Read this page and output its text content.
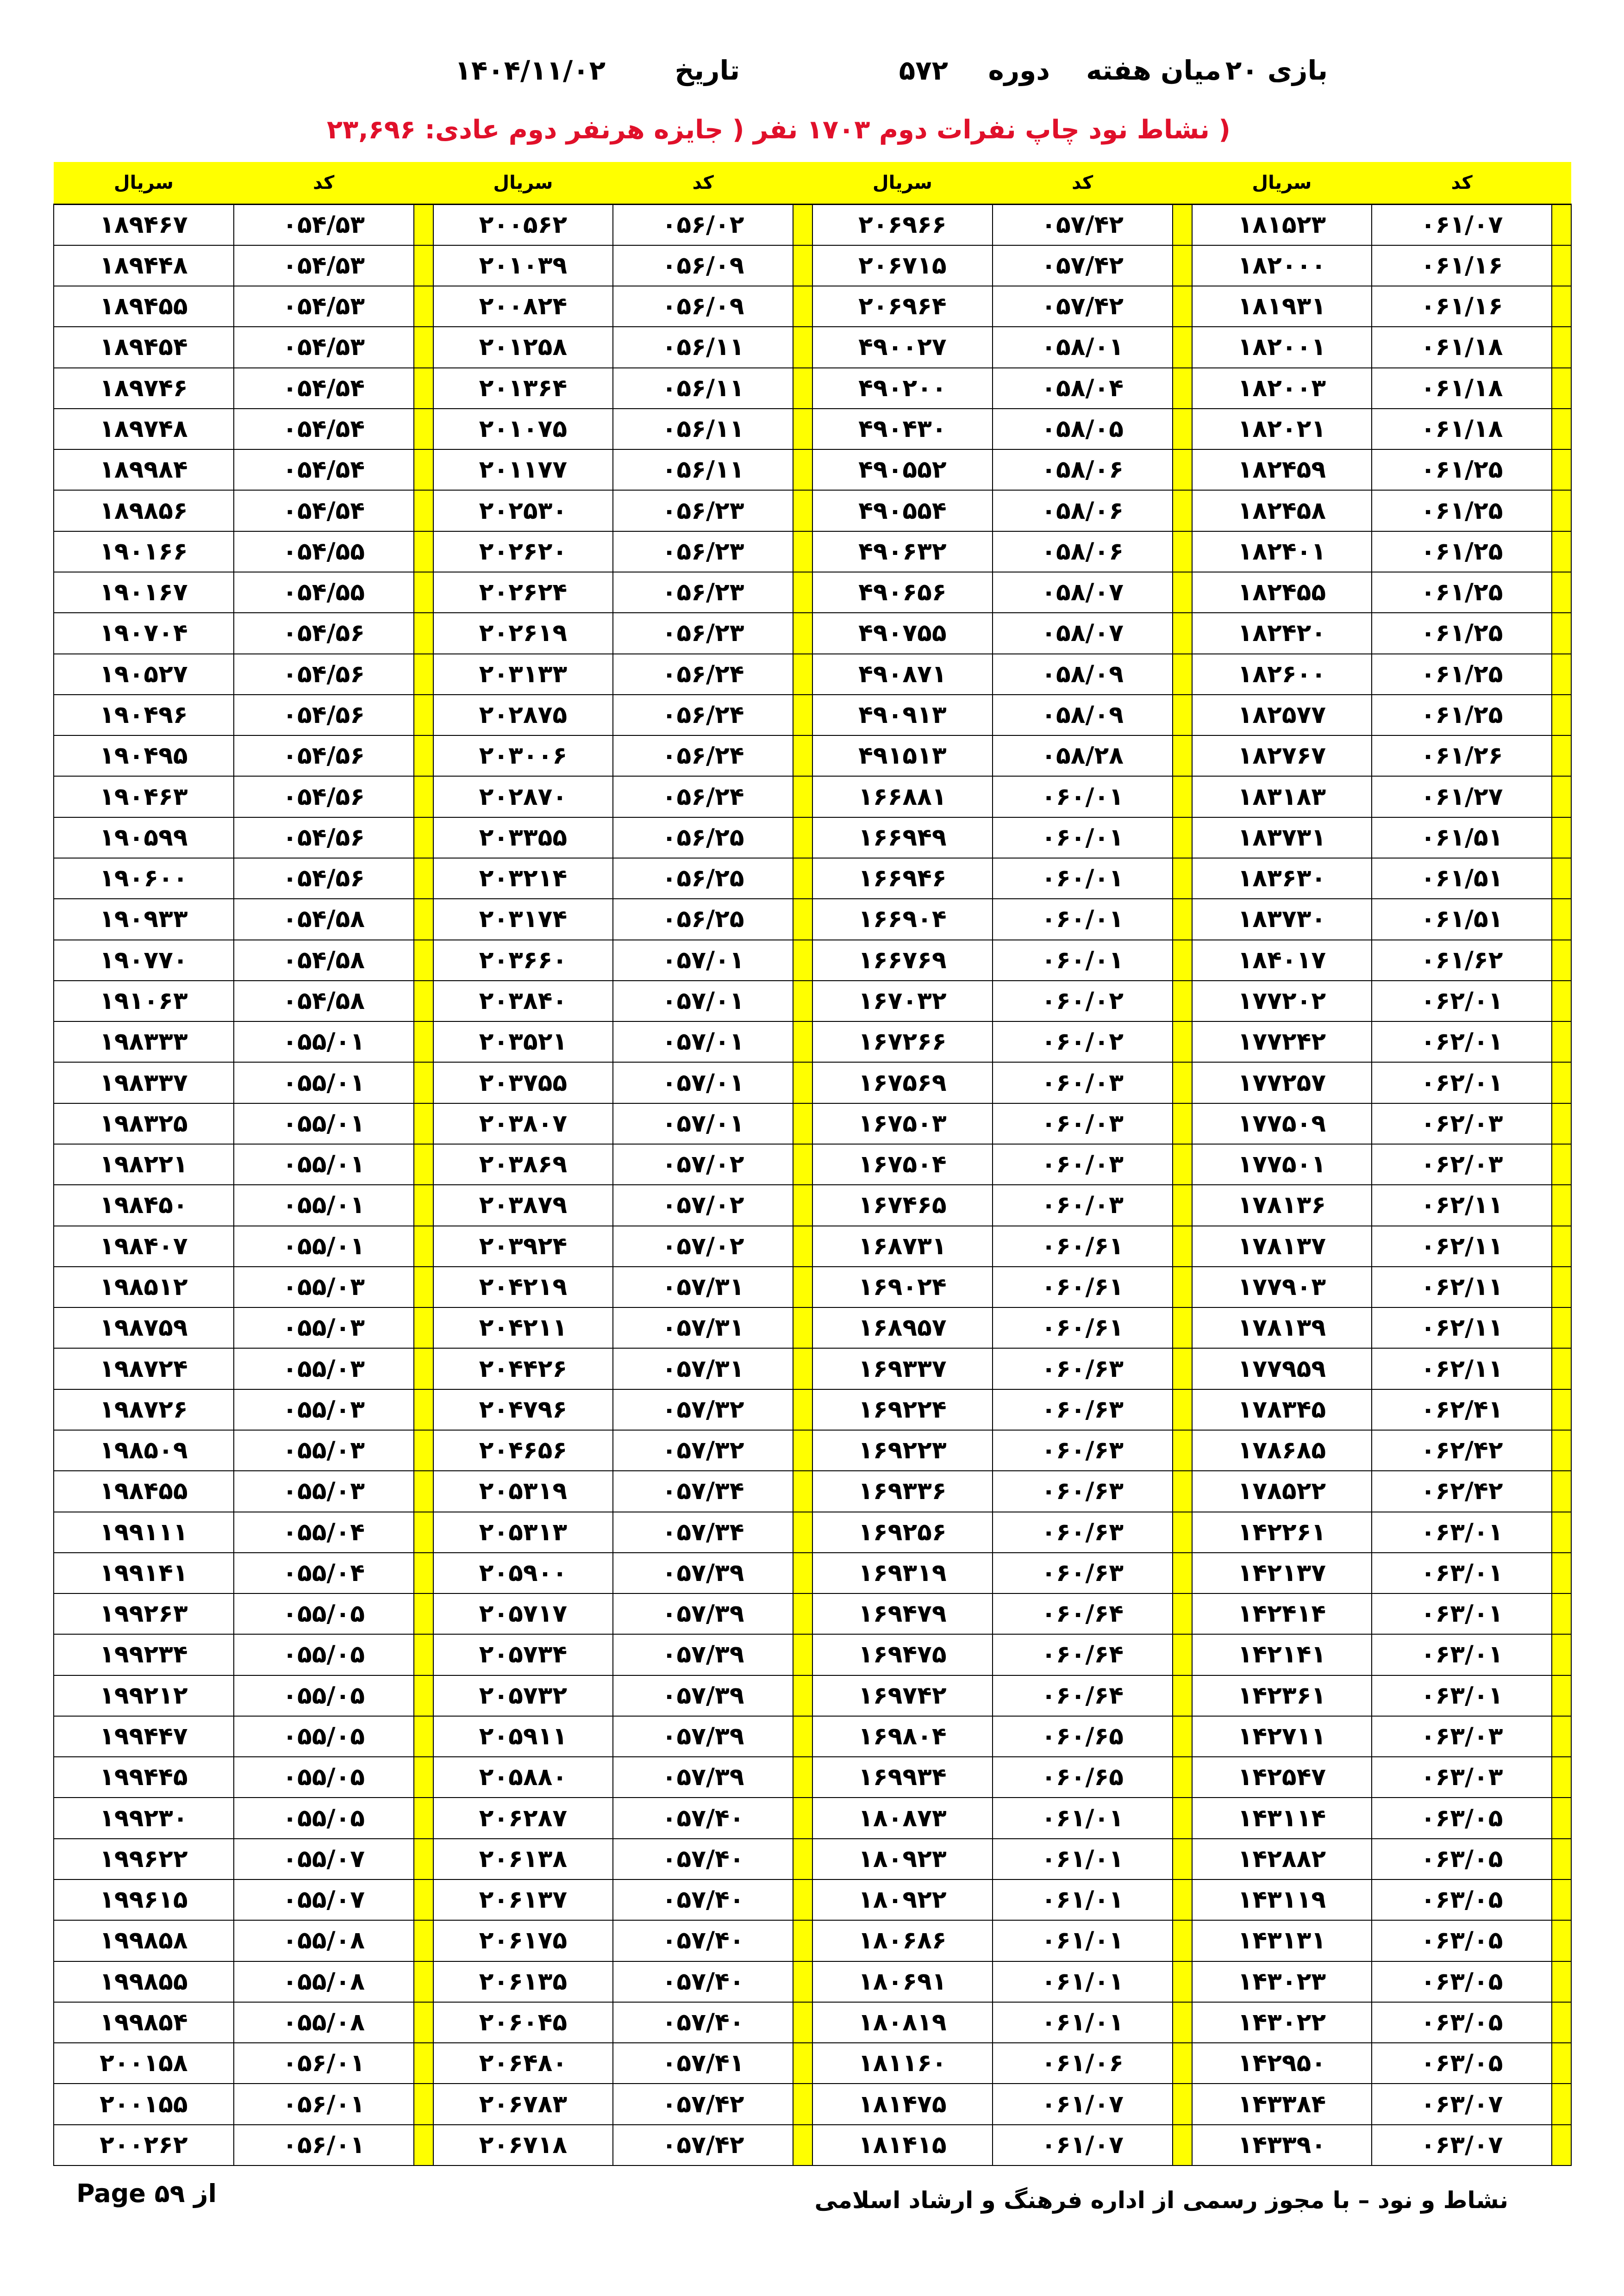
۲۰ بازی
میان هفته
دوره
۵۷۲
تاریخ
۱۴۰۴/۱۱/۰۲
( نشاط نود چاپ نفرات دوم ۱۷۰۳ نفر ( جایزه هرنفر دوم عادی: ۲۳,۶۹۶
	کد	سریال		کد	سریال		کد	سریال		کد	سریال
	۰۶۱/۰۷	۱۸۱۵۲۳		۰۵۷/۴۲	۲۰۶۹۶۶		۰۵۶/۰۲	۲۰۰۵۶۲		۰۵۴/۵۳	۱۸۹۴۶۷
	۰۶۱/۱۶	۱۸۲۰۰۰		۰۵۷/۴۲	۲۰۶۷۱۵		۰۵۶/۰۹	۲۰۱۰۳۹		۰۵۴/۵۳	۱۸۹۴۴۸
	۰۶۱/۱۶	۱۸۱۹۳۱		۰۵۷/۴۲	۲۰۶۹۶۴		۰۵۶/۰۹	۲۰۰۸۲۴		۰۵۴/۵۳	۱۸۹۴۵۵
	۰۶۱/۱۸	۱۸۲۰۰۱		۰۵۸/۰۱	۴۹۰۰۲۷		۰۵۶/۱۱	۲۰۱۲۵۸		۰۵۴/۵۳	۱۸۹۴۵۴
	۰۶۱/۱۸	۱۸۲۰۰۳		۰۵۸/۰۴	۴۹۰۲۰۰		۰۵۶/۱۱	۲۰۱۳۶۴		۰۵۴/۵۴	۱۸۹۷۴۶
	۰۶۱/۱۸	۱۸۲۰۲۱		۰۵۸/۰۵	۴۹۰۴۳۰		۰۵۶/۱۱	۲۰۱۰۷۵		۰۵۴/۵۴	۱۸۹۷۴۸
	۰۶۱/۲۵	۱۸۲۴۵۹		۰۵۸/۰۶	۴۹۰۵۵۲		۰۵۶/۱۱	۲۰۱۱۷۷		۰۵۴/۵۴	۱۸۹۹۸۴
	۰۶۱/۲۵	۱۸۲۴۵۸		۰۵۸/۰۶	۴۹۰۵۵۴		۰۵۶/۲۳	۲۰۲۵۳۰		۰۵۴/۵۴	۱۸۹۸۵۶
	۰۶۱/۲۵	۱۸۲۴۰۱		۰۵۸/۰۶	۴۹۰۶۳۲		۰۵۶/۲۳	۲۰۲۶۲۰		۰۵۴/۵۵	۱۹۰۱۶۶
	۰۶۱/۲۵	۱۸۲۴۵۵		۰۵۸/۰۷	۴۹۰۶۵۶		۰۵۶/۲۳	۲۰۲۶۲۴		۰۵۴/۵۵	۱۹۰۱۶۷
	۰۶۱/۲۵	۱۸۲۴۲۰		۰۵۸/۰۷	۴۹۰۷۵۵		۰۵۶/۲۳	۲۰۲۶۱۹		۰۵۴/۵۶	۱۹۰۷۰۴
	۰۶۱/۲۵	۱۸۲۶۰۰		۰۵۸/۰۹	۴۹۰۸۷۱		۰۵۶/۲۴	۲۰۳۱۳۳		۰۵۴/۵۶	۱۹۰۵۲۷
	۰۶۱/۲۵	۱۸۲۵۷۷		۰۵۸/۰۹	۴۹۰۹۱۳		۰۵۶/۲۴	۲۰۲۸۷۵		۰۵۴/۵۶	۱۹۰۴۹۶
	۰۶۱/۲۶	۱۸۲۷۶۷		۰۵۸/۲۸	۴۹۱۵۱۳		۰۵۶/۲۴	۲۰۳۰۰۶		۰۵۴/۵۶	۱۹۰۴۹۵
	۰۶۱/۲۷	۱۸۳۱۸۳		۰۶۰/۰۱	۱۶۶۸۸۱		۰۵۶/۲۴	۲۰۲۸۷۰		۰۵۴/۵۶	۱۹۰۴۶۳
	۰۶۱/۵۱	۱۸۳۷۳۱		۰۶۰/۰۱	۱۶۶۹۴۹		۰۵۶/۲۵	۲۰۳۳۵۵		۰۵۴/۵۶	۱۹۰۵۹۹
	۰۶۱/۵۱	۱۸۳۶۳۰		۰۶۰/۰۱	۱۶۶۹۴۶		۰۵۶/۲۵	۲۰۳۲۱۴		۰۵۴/۵۶	۱۹۰۶۰۰
	۰۶۱/۵۱	۱۸۳۷۳۰		۰۶۰/۰۱	۱۶۶۹۰۴		۰۵۶/۲۵	۲۰۳۱۷۴		۰۵۴/۵۸	۱۹۰۹۳۳
	۰۶۱/۶۲	۱۸۴۰۱۷		۰۶۰/۰۱	۱۶۶۷۶۹		۰۵۷/۰۱	۲۰۳۶۶۰		۰۵۴/۵۸	۱۹۰۷۷۰
	۰۶۲/۰۱	۱۷۷۲۰۲		۰۶۰/۰۲	۱۶۷۰۳۲		۰۵۷/۰۱	۲۰۳۸۴۰		۰۵۴/۵۸	۱۹۱۰۶۳
	۰۶۲/۰۱	۱۷۷۲۴۲		۰۶۰/۰۲	۱۶۷۲۶۶		۰۵۷/۰۱	۲۰۳۵۲۱		۰۵۵/۰۱	۱۹۸۳۳۳
	۰۶۲/۰۱	۱۷۷۲۵۷		۰۶۰/۰۳	۱۶۷۵۶۹		۰۵۷/۰۱	۲۰۳۷۵۵		۰۵۵/۰۱	۱۹۸۳۳۷
	۰۶۲/۰۳	۱۷۷۵۰۹		۰۶۰/۰۳	۱۶۷۵۰۳		۰۵۷/۰۱	۲۰۳۸۰۷		۰۵۵/۰۱	۱۹۸۳۲۵
	۰۶۲/۰۳	۱۷۷۵۰۱		۰۶۰/۰۳	۱۶۷۵۰۴		۰۵۷/۰۲	۲۰۳۸۶۹		۰۵۵/۰۱	۱۹۸۲۲۱
	۰۶۲/۱۱	۱۷۸۱۳۶		۰۶۰/۰۳	۱۶۷۴۶۵		۰۵۷/۰۲	۲۰۳۸۷۹		۰۵۵/۰۱	۱۹۸۴۵۰
	۰۶۲/۱۱	۱۷۸۱۳۷		۰۶۰/۶۱	۱۶۸۷۳۱		۰۵۷/۰۲	۲۰۳۹۲۴		۰۵۵/۰۱	۱۹۸۴۰۷
	۰۶۲/۱۱	۱۷۷۹۰۳		۰۶۰/۶۱	۱۶۹۰۲۴		۰۵۷/۳۱	۲۰۴۲۱۹		۰۵۵/۰۳	۱۹۸۵۱۲
	۰۶۲/۱۱	۱۷۸۱۳۹		۰۶۰/۶۱	۱۶۸۹۵۷		۰۵۷/۳۱	۲۰۴۲۱۱		۰۵۵/۰۳	۱۹۸۷۵۹
	۰۶۲/۱۱	۱۷۷۹۵۹		۰۶۰/۶۳	۱۶۹۳۳۷		۰۵۷/۳۱	۲۰۴۴۲۶		۰۵۵/۰۳	۱۹۸۷۲۴
	۰۶۲/۴۱	۱۷۸۳۴۵		۰۶۰/۶۳	۱۶۹۲۲۴		۰۵۷/۳۲	۲۰۴۷۹۶		۰۵۵/۰۳	۱۹۸۷۲۶
	۰۶۲/۴۲	۱۷۸۶۸۵		۰۶۰/۶۳	۱۶۹۲۲۳		۰۵۷/۳۲	۲۰۴۶۵۶		۰۵۵/۰۳	۱۹۸۵۰۹
	۰۶۲/۴۲	۱۷۸۵۲۲		۰۶۰/۶۳	۱۶۹۳۳۶		۰۵۷/۳۴	۲۰۵۳۱۹		۰۵۵/۰۳	۱۹۸۴۵۵
	۰۶۳/۰۱	۱۴۲۲۶۱		۰۶۰/۶۳	۱۶۹۲۵۶		۰۵۷/۳۴	۲۰۵۳۱۳		۰۵۵/۰۴	۱۹۹۱۱۱
	۰۶۳/۰۱	۱۴۲۱۳۷		۰۶۰/۶۳	۱۶۹۳۱۹		۰۵۷/۳۹	۲۰۵۹۰۰		۰۵۵/۰۴	۱۹۹۱۴۱
	۰۶۳/۰۱	۱۴۲۴۱۴		۰۶۰/۶۴	۱۶۹۴۷۹		۰۵۷/۳۹	۲۰۵۷۱۷		۰۵۵/۰۵	۱۹۹۲۶۳
	۰۶۳/۰۱	۱۴۲۱۴۱		۰۶۰/۶۴	۱۶۹۴۷۵		۰۵۷/۳۹	۲۰۵۷۳۴		۰۵۵/۰۵	۱۹۹۲۳۴
	۰۶۳/۰۱	۱۴۲۳۶۱		۰۶۰/۶۴	۱۶۹۷۴۲		۰۵۷/۳۹	۲۰۵۷۳۲		۰۵۵/۰۵	۱۹۹۲۱۲
	۰۶۳/۰۳	۱۴۲۷۱۱		۰۶۰/۶۵	۱۶۹۸۰۴		۰۵۷/۳۹	۲۰۵۹۱۱		۰۵۵/۰۵	۱۹۹۴۴۷
	۰۶۳/۰۳	۱۴۲۵۴۷		۰۶۰/۶۵	۱۶۹۹۳۴		۰۵۷/۳۹	۲۰۵۸۸۰		۰۵۵/۰۵	۱۹۹۴۴۵
	۰۶۳/۰۵	۱۴۳۱۱۴		۰۶۱/۰۱	۱۸۰۸۷۳		۰۵۷/۴۰	۲۰۶۲۸۷		۰۵۵/۰۵	۱۹۹۲۳۰
	۰۶۳/۰۵	۱۴۲۸۸۲		۰۶۱/۰۱	۱۸۰۹۲۳		۰۵۷/۴۰	۲۰۶۱۳۸		۰۵۵/۰۷	۱۹۹۶۲۲
	۰۶۳/۰۵	۱۴۳۱۱۹		۰۶۱/۰۱	۱۸۰۹۲۲		۰۵۷/۴۰	۲۰۶۱۳۷		۰۵۵/۰۷	۱۹۹۶۱۵
	۰۶۳/۰۵	۱۴۳۱۳۱		۰۶۱/۰۱	۱۸۰۶۸۶		۰۵۷/۴۰	۲۰۶۱۷۵		۰۵۵/۰۸	۱۹۹۸۵۸
	۰۶۳/۰۵	۱۴۳۰۲۳		۰۶۱/۰۱	۱۸۰۶۹۱		۰۵۷/۴۰	۲۰۶۱۳۵		۰۵۵/۰۸	۱۹۹۸۵۵
	۰۶۳/۰۵	۱۴۳۰۲۲		۰۶۱/۰۱	۱۸۰۸۱۹		۰۵۷/۴۰	۲۰۶۰۴۵		۰۵۵/۰۸	۱۹۹۸۵۴
	۰۶۳/۰۵	۱۴۲۹۵۰		۰۶۱/۰۶	۱۸۱۱۶۰		۰۵۷/۴۱	۲۰۶۴۸۰		۰۵۶/۰۱	۲۰۰۱۵۸
	۰۶۳/۰۷	۱۴۳۳۸۴		۰۶۱/۰۷	۱۸۱۴۷۵		۰۵۷/۴۲	۲۰۶۷۸۳		۰۵۶/۰۱	۲۰۰۱۵۵
	۰۶۳/۰۷	۱۴۳۳۹۰		۰۶۱/۰۷	۱۸۱۴۱۵		۰۵۷/۴۲	۲۰۶۷۱۸		۰۵۶/۰۱	۲۰۰۲۶۲
Page ۵۹ از	نشاط و نود – با مجوز رسمی از اداره فرهنگ و ارشاد اسلامی
